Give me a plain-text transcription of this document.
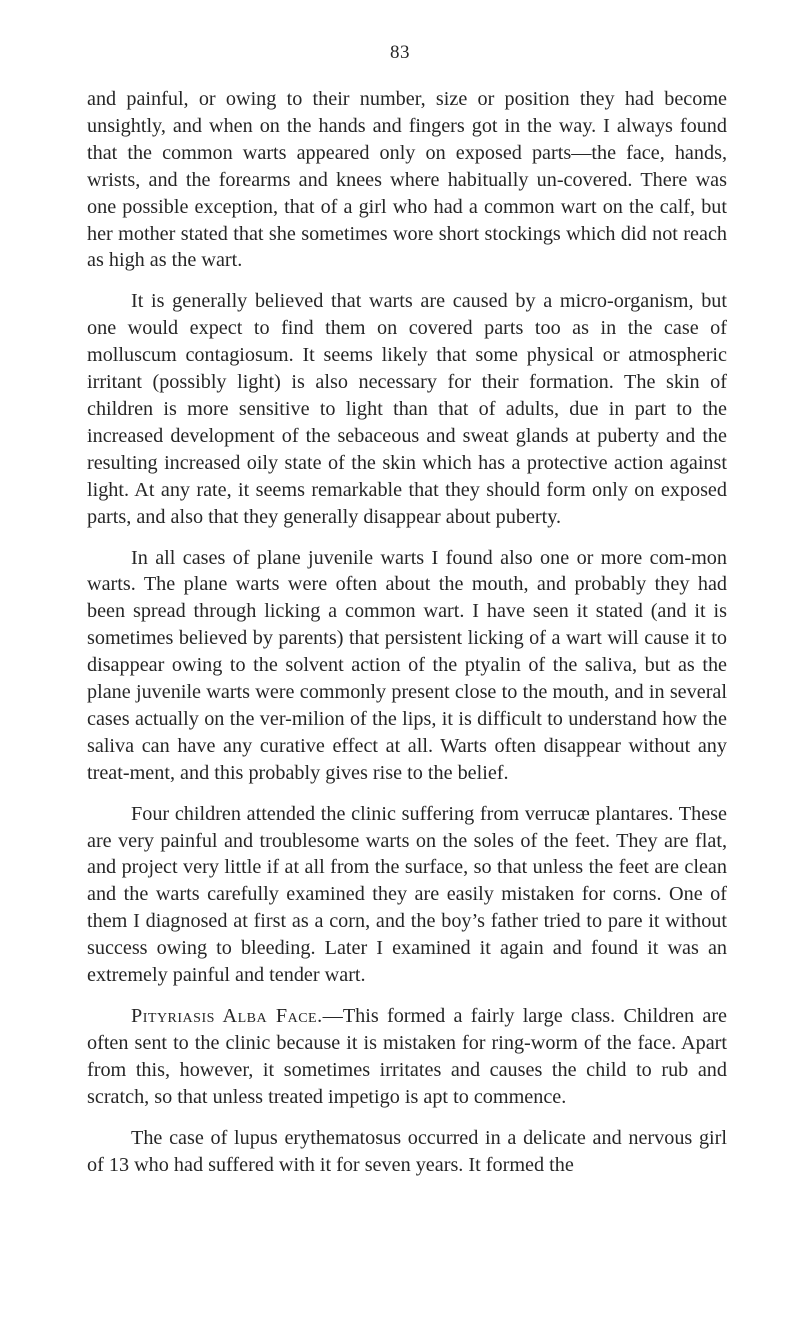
83

and painful, or owing to their number, size or position they had become unsightly, and when on the hands and fingers got in the way. I always found that the common warts appeared only on exposed parts—the face, hands, wrists, and the forearms and knees where habitually un-covered. There was one possible exception, that of a girl who had a common wart on the calf, but her mother stated that she sometimes wore short stockings which did not reach as high as the wart.

It is generally believed that warts are caused by a micro-organism, but one would expect to find them on covered parts too as in the case of molluscum contagiosum. It seems likely that some physical or atmospheric irritant (possibly light) is also necessary for their formation. The skin of children is more sensitive to light than that of adults, due in part to the increased development of the sebaceous and sweat glands at puberty and the resulting increased oily state of the skin which has a protective action against light. At any rate, it seems remarkable that they should form only on exposed parts, and also that they generally disappear about puberty.

In all cases of plane juvenile warts I found also one or more com-mon warts. The plane warts were often about the mouth, and probably they had been spread through licking a common wart. I have seen it stated (and it is sometimes believed by parents) that persistent licking of a wart will cause it to disappear owing to the solvent action of the ptyalin of the saliva, but as the plane juvenile warts were commonly present close to the mouth, and in several cases actually on the ver-milion of the lips, it is difficult to understand how the saliva can have any curative effect at all. Warts often disappear without any treat-ment, and this probably gives rise to the belief.

Four children attended the clinic suffering from verrucæ plantares. These are very painful and troublesome warts on the soles of the feet. They are flat, and project very little if at all from the surface, so that unless the feet are clean and the warts carefully examined they are easily mistaken for corns. One of them I diagnosed at first as a corn, and the boy’s father tried to pare it without success owing to bleeding. Later I examined it again and found it was an extremely painful and tender wart.

Pityriasis Alba Face.—This formed a fairly large class. Children are often sent to the clinic because it is mistaken for ring-worm of the face. Apart from this, however, it sometimes irritates and causes the child to rub and scratch, so that unless treated impetigo is apt to commence.

The case of lupus erythematosus occurred in a delicate and nervous girl of 13 who had suffered with it for seven years. It formed the
